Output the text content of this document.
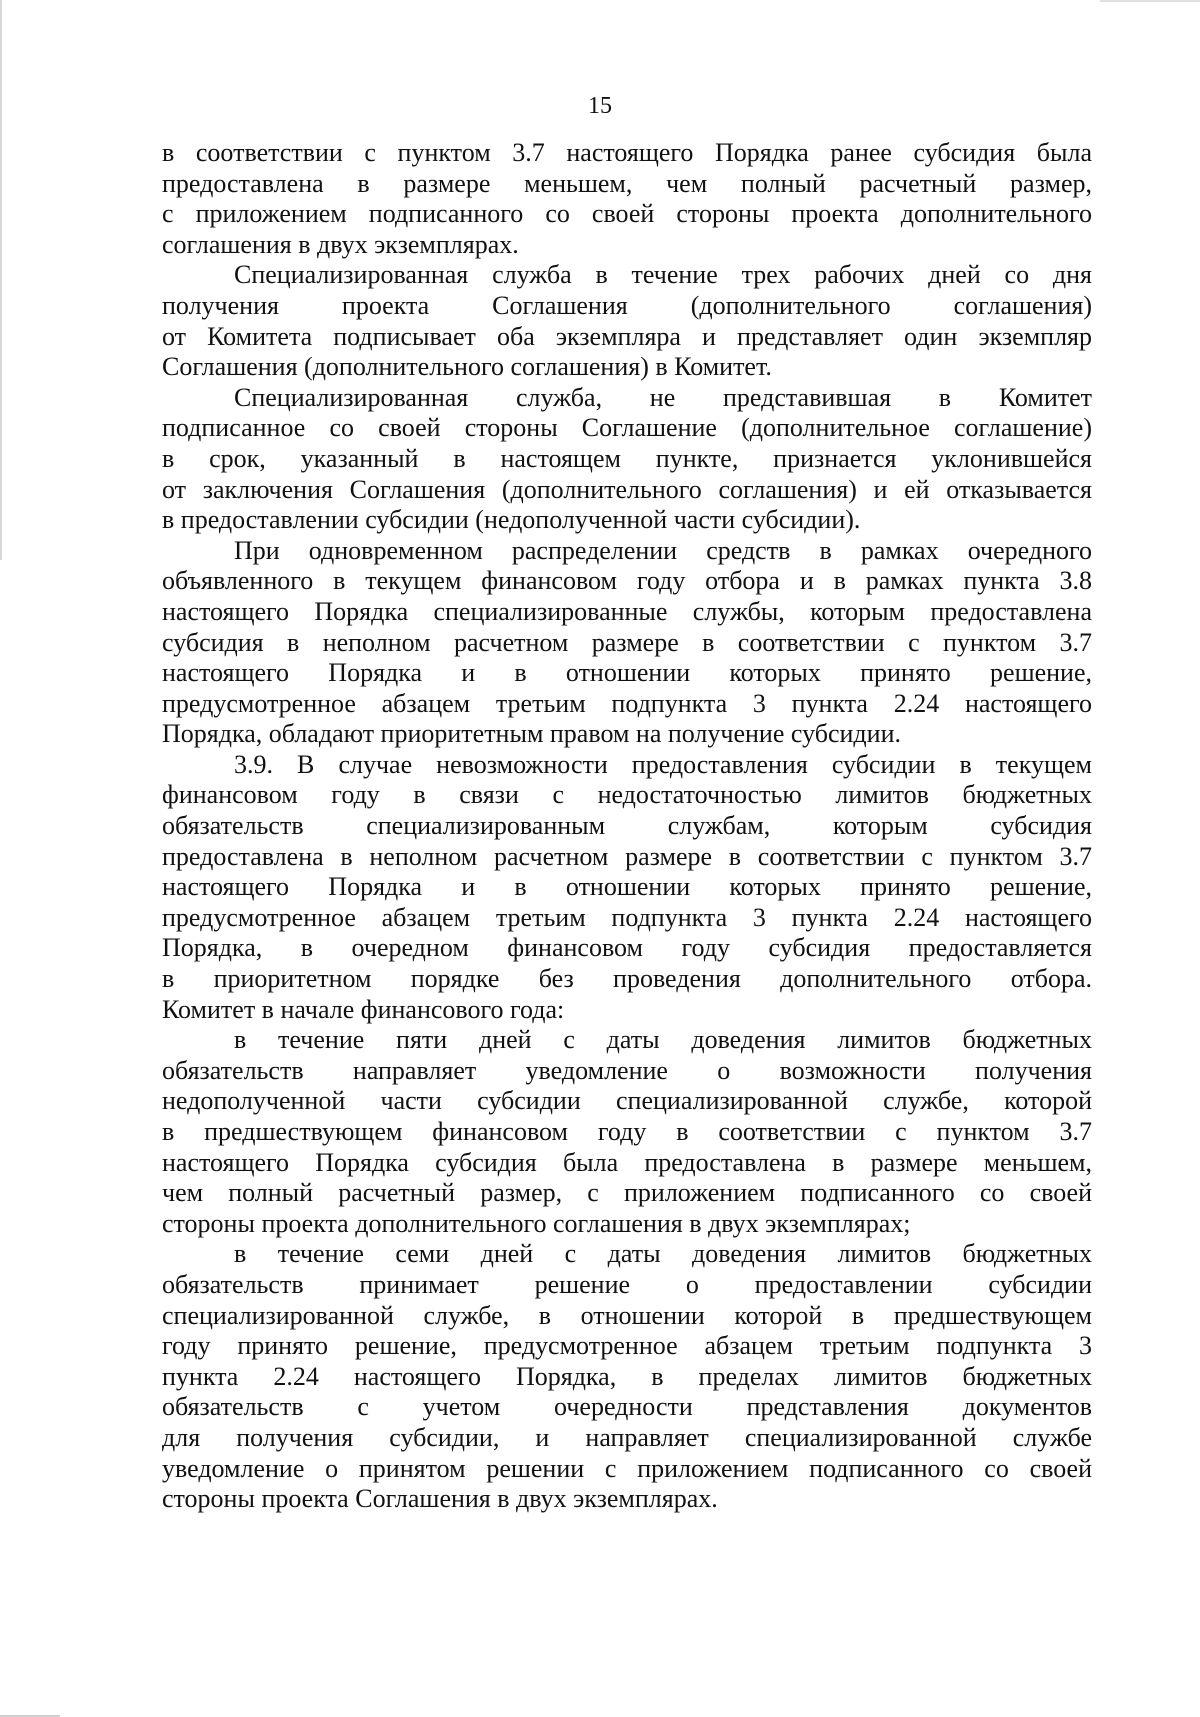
15
в соответствии с пунктом 3.7 настоящего Порядка ранее субсидия была
предоставлена в размере меньшем, чем полный расчетный размер,
с приложением подписанного со своей стороны проекта дополнительного
соглашения в двух экземплярах.
Специализированная служба в течение трех рабочих дней со дня
получения проекта Соглашения (дополнительного соглашения)
от Комитета подписывает оба экземпляра и представляет один экземпляр
Соглашения (дополнительного соглашения) в Комитет.
Специализированная служба, не представившая в Комитет
подписанное со своей стороны Соглашение (дополнительное соглашение)
в срок, указанный в настоящем пункте, признается уклонившейся
от заключения Соглашения (дополнительного соглашения) и ей отказывается
в предоставлении субсидии (недополученной части субсидии).
При одновременном распределении средств в рамках очередного
объявленного в текущем финансовом году отбора и в рамках пункта 3.8
настоящего Порядка специализированные службы, которым предоставлена
субсидия в неполном расчетном размере в соответствии с пунктом 3.7
настоящего Порядка и в отношении которых принято решение,
предусмотренное абзацем третьим подпункта 3 пункта 2.24 настоящего
Порядка, обладают приоритетным правом на получение субсидии.
3.9. В случае невозможности предоставления субсидии в текущем
финансовом году в связи с недостаточностью лимитов бюджетных
обязательств специализированным службам, которым субсидия
предоставлена в неполном расчетном размере в соответствии с пунктом 3.7
настоящего Порядка и в отношении которых принято решение,
предусмотренное абзацем третьим подпункта 3 пункта 2.24 настоящего
Порядка, в очередном финансовом году субсидия предоставляется
в приоритетном порядке без проведения дополнительного отбора.
Комитет в начале финансового года:
в течение пяти дней с даты доведения лимитов бюджетных
обязательств направляет уведомление о возможности получения
недополученной части субсидии специализированной службе, которой
в предшествующем финансовом году в соответствии с пунктом 3.7
настоящего Порядка субсидия была предоставлена в размере меньшем,
чем полный расчетный размер, с приложением подписанного со своей
стороны проекта дополнительного соглашения в двух экземплярах;
в течение семи дней с даты доведения лимитов бюджетных
обязательств принимает решение о предоставлении субсидии
специализированной службе, в отношении которой в предшествующем
году принято решение, предусмотренное абзацем третьим подпункта 3
пункта 2.24 настоящего Порядка, в пределах лимитов бюджетных
обязательств с учетом очередности представления документов
для получения субсидии, и направляет специализированной службе
уведомление о принятом решении с приложением подписанного со своей
стороны проекта Соглашения в двух экземплярах.
